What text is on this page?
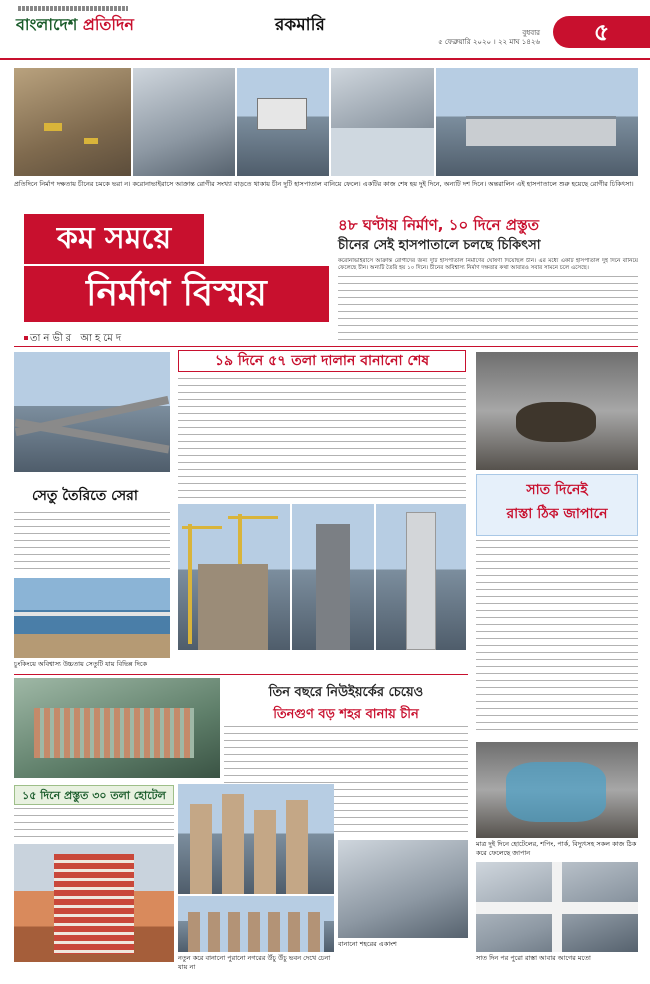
বাংলাদেশ প্রতিদিন	রকমারি	বুধবার
৫ ফেব্রুয়ারি ২০২০ । ২২ মাঘ ১৪২৬	৫
প্রতিদিনে নির্মাণ দক্ষতায় চীনের চমকে ভরা ন। করোনাভাইরাসে আক্রান্ত রোগীর সংখ্যা বাড়তে থাকায় চীন দুটি হাসপাতাল বানিয়ে ফেলে। একটির কাজ শেষ হয় দুই দিনে, অন্যটি দশ দিনে। অন্তরালিন এই হাসপাতালে শুরু হয়েছে রোগীর চিকিৎসা।
কম সময়ে
নির্মাণ বিস্ময়
তানভীর আহমেদ
৪৮ ঘণ্টায় নির্মাণ, ১০ দিনে প্রস্তুত
চীনের সেই হাসপাতালে চলছে চিকিৎসা
করোনাভাইরাসে আক্রান্ত রোগীদের জন্য দুটি হাসপাতাল নির্মাণের ঘোষণা দিয়েছিল চীন। এর মধ্যে একটি হাসপাতাল দুই দিনে বানিয়ে ফেলেছে চীন। অন্যটি তৈরি হয় ১০ দিনে। চীনের অবিশ্বাস্য নির্মাণ দক্ষতার কথা আবারও সবার সামনে চলে এসেছে।
সেতু তৈরিতে সেরা
চুংকিংয়ে অবিশ্বাস্য উচ্চতায় সেতুটি যায় বিভিন্ন দিকে
১৯ দিনে ৫৭ তলা দালান বানানো শেষ
সাত দিনেই
রাস্তা ঠিক জাপানে
মাত্র দুই দিনে হোটেলের, শপিং, পার্ক, বিদ্যুৎসহ সকল কাজ ঠিক করে ফেলেছে জাপান
সাত দিন পর পুরো রাস্তা আবার আগের মতো
তিন বছরে নিউইয়র্কের চেয়েও
তিনগুণ বড় শহর বানায় চীন
১৫ দিনে প্রস্তুত ৩০ তলা হোটেল
নতুন করে বানানো পুরানো নগরের উঁচু উঁচু ভবন দেখে চেনা যায় না
বানানো শহরের একাংশ
